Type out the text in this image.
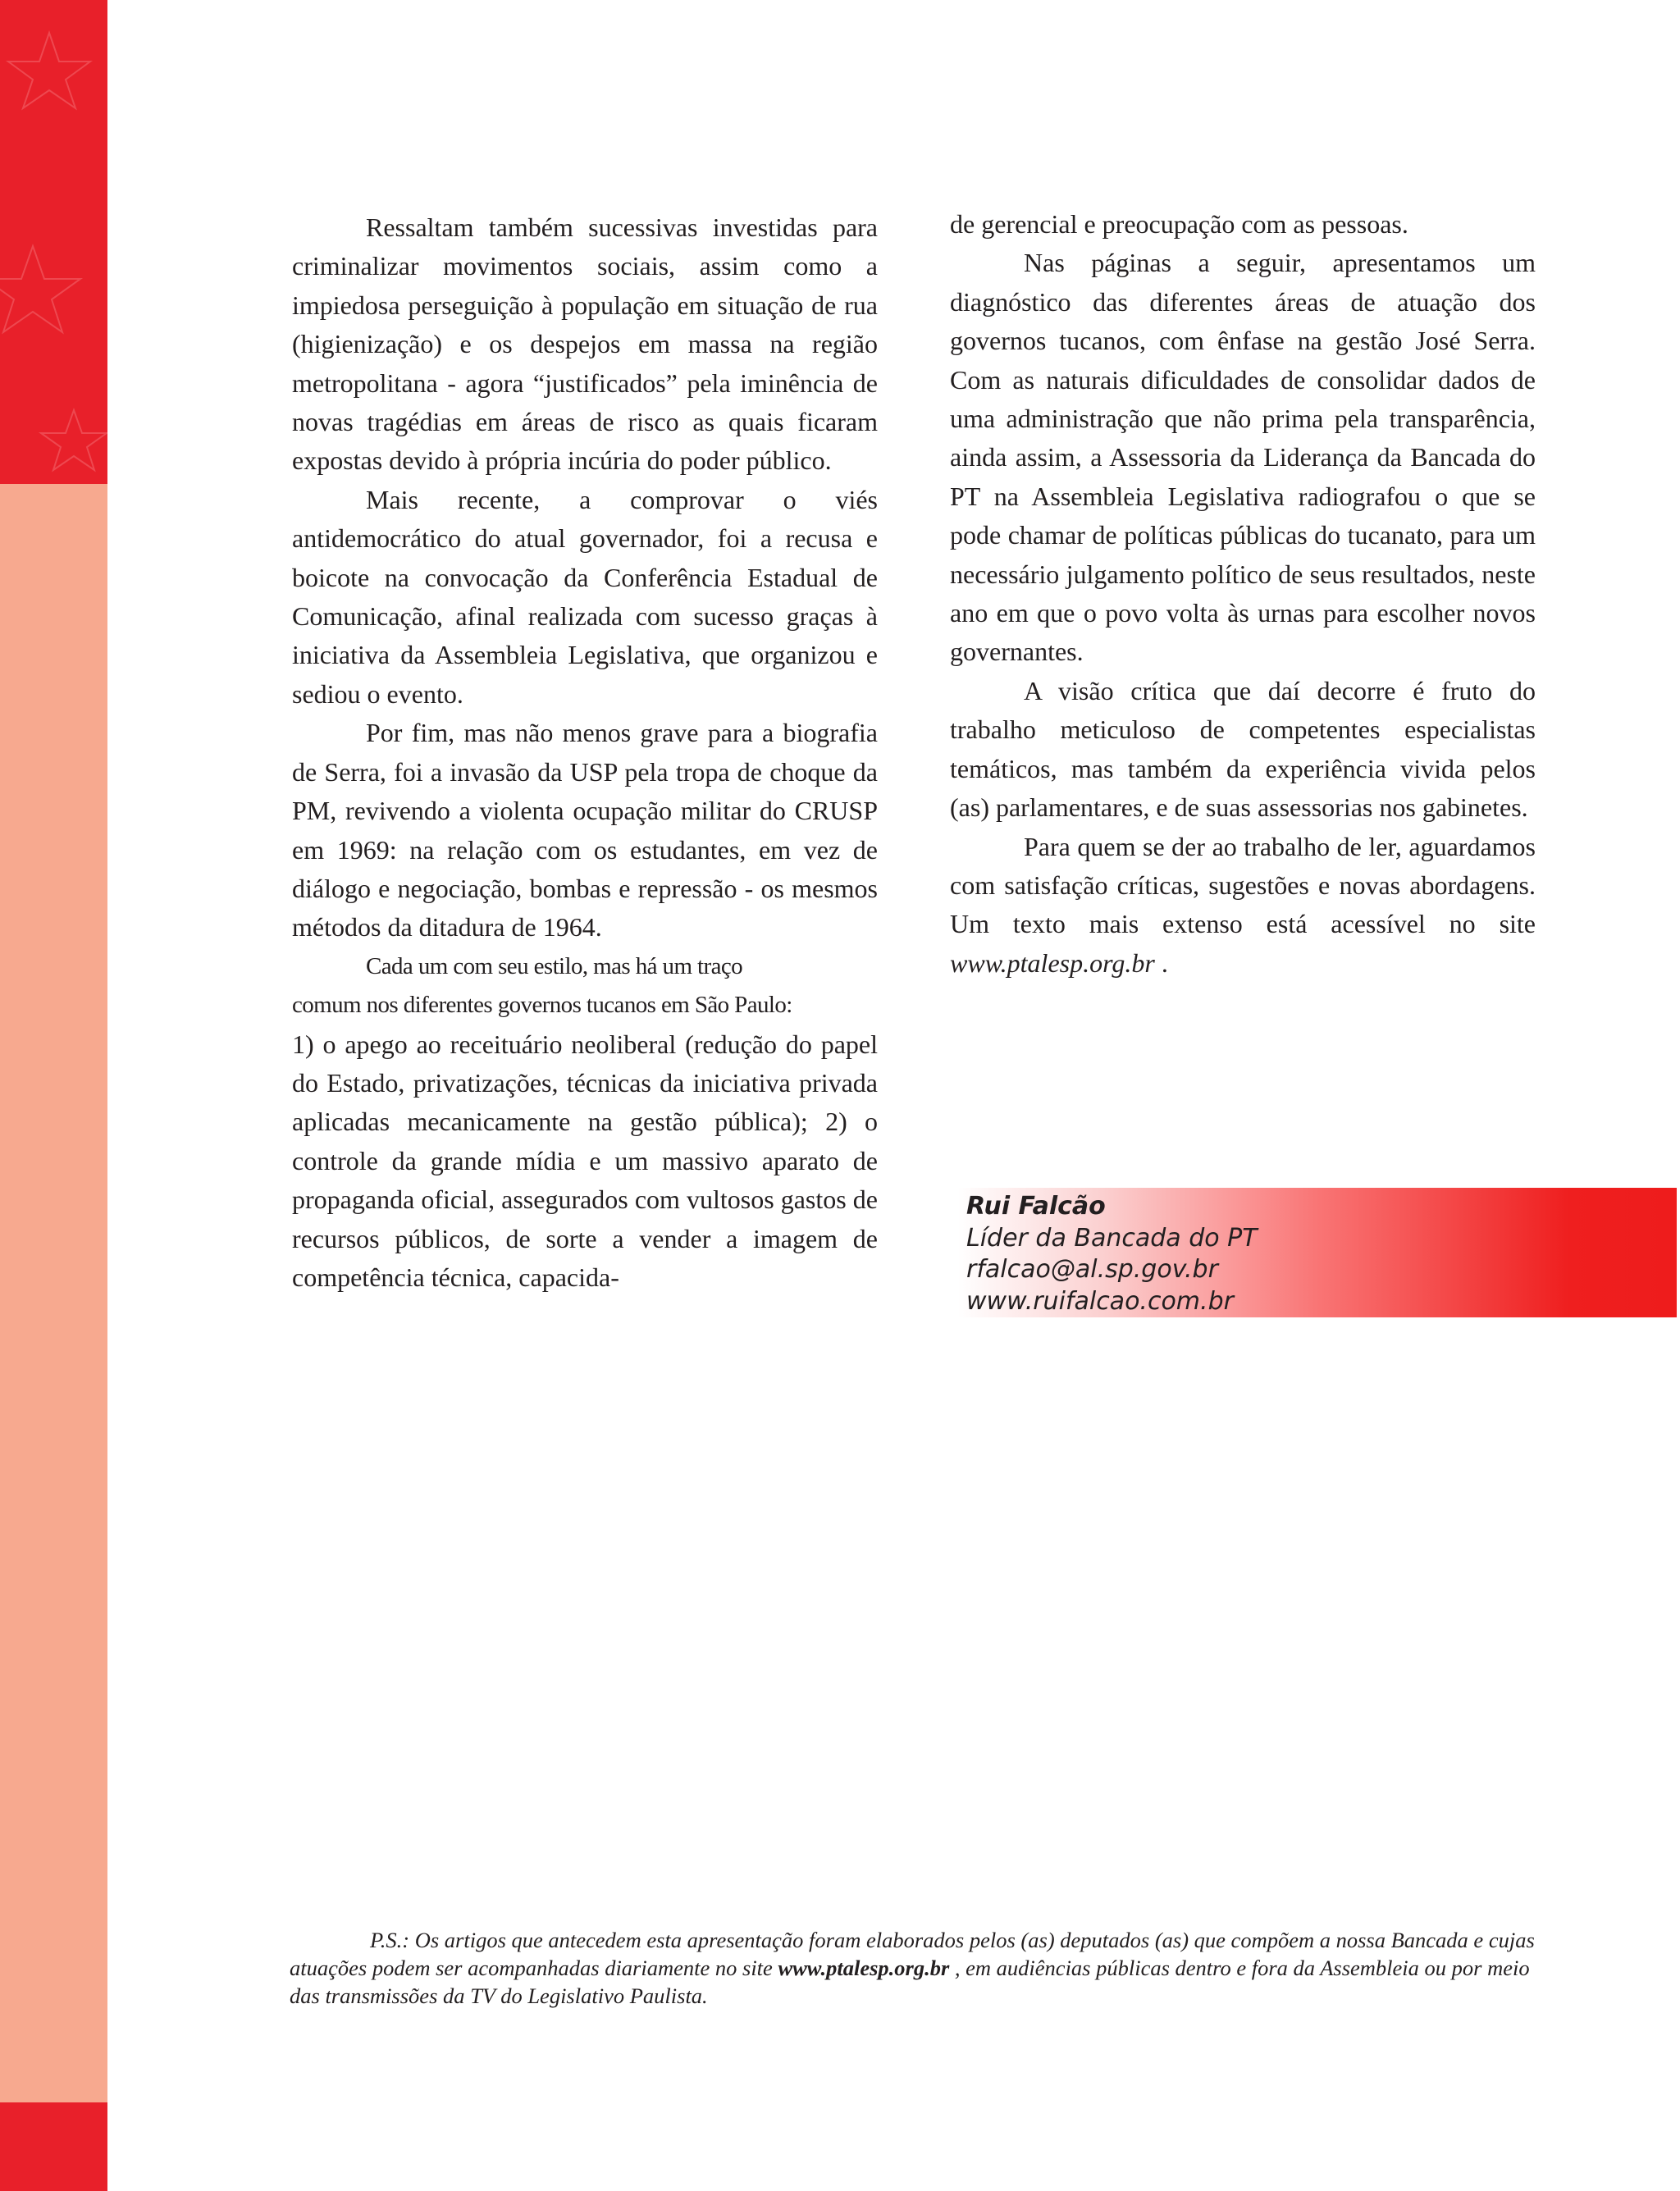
Ressaltam também sucessivas investidas para criminalizar movimentos sociais, assim como a impiedosa perseguição à população em situação de rua (higienização) e os despejos em massa na região metropolitana - agora “justificados” pela iminência de novas tragédias em áreas de risco as quais ficaram expostas devido à própria incúria do poder público.

Mais recente, a comprovar o viés antidemocrático do atual governador, foi a recusa e boicote na convocação da Conferência Estadual de Comunicação, afinal realizada com sucesso graças à iniciativa da Assembleia Legislativa, que organizou e sediou o evento.

Por fim, mas não menos grave para a biografia de Serra, foi a invasão da USP pela tropa de choque da PM, revivendo a violenta ocupação militar do CRUSP em 1969: na relação com os estudantes, em vez de diálogo e negociação, bombas e repressão - os mesmos métodos da ditadura de 1964.

Cada um com seu estilo, mas há um traço

comum nos diferentes governos tucanos em São Paulo:
1) o apego ao receituário neoliberal (redução do papel do Estado, privatizações, técnicas da iniciativa privada aplicadas mecanicamente na gestão pública); 2) o controle da grande mídia e um massivo aparato de propaganda oficial, assegurados com vultosos gastos de recursos públicos, de sorte a vender a imagem de competência técnica, capacida-

de gerencial e preocupação com as pessoas.

Nas páginas a seguir, apresentamos um diagnóstico das diferentes áreas de atuação dos governos tucanos, com ênfase na gestão José Serra. Com as naturais dificuldades de consolidar dados de uma administração que não prima pela transparência, ainda assim, a Assessoria da Liderança da Bancada do PT na Assembleia Legislativa radiografou o que se pode chamar de políticas públicas do tucanato, para um necessário julgamento político de seus resultados, neste ano em que o povo volta às urnas para escolher novos governantes.

A visão crítica que daí decorre é fruto do trabalho meticuloso de competentes especialistas temáticos, mas também da experiência vivida pelos (as) parlamentares, e de suas assessorias nos gabinetes.

Para quem se der ao trabalho de ler, aguardamos com satisfação críticas, sugestões e novas abordagens. Um texto mais extenso está acessível no site www.ptalesp.org.br .

Rui Falcão
Líder da Bancada do PT
rfalcao@al.sp.gov.br
www.ruifalcao.com.br
P.S.: Os artigos que antecedem esta apresentação foram elaborados pelos (as) deputados (as) que compõem a nossa Bancada e cujas atuações podem ser acompanhadas diariamente no site www.ptalesp.org.br , em audiências públicas dentro e fora da Assembleia ou por meio das transmissões da TV do Legislativo Paulista.
